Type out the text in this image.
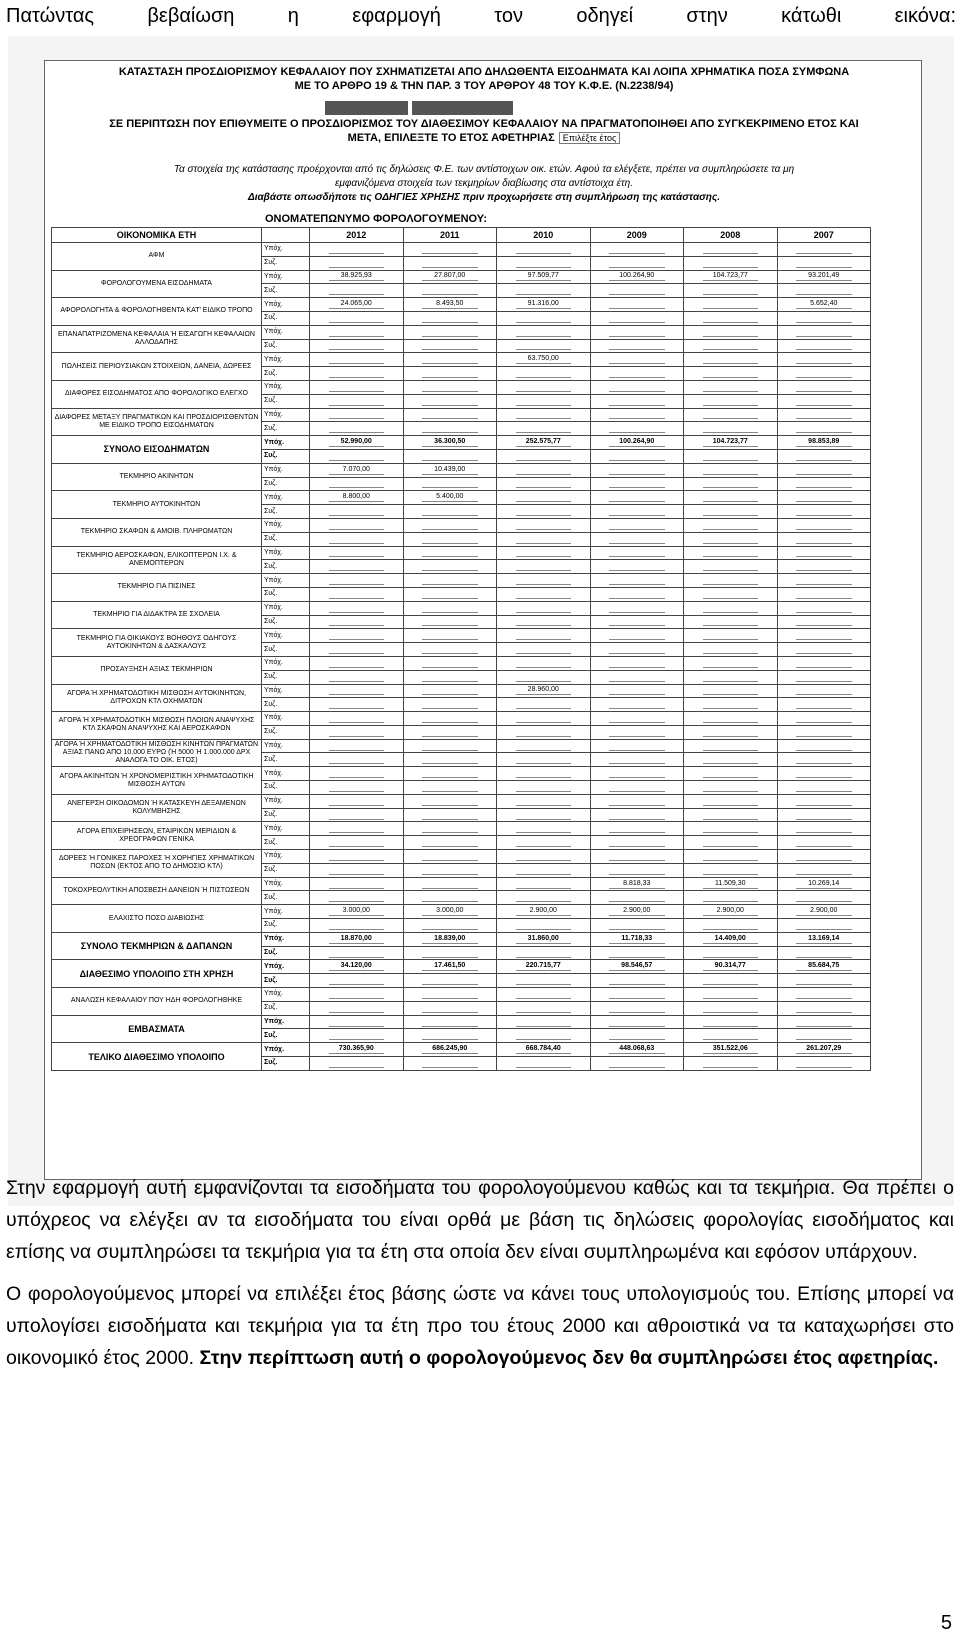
Πατώντας βεβαίωση η εφαρμογή τον οδηγεί στην κάτωθι εικόνα:
ΚΑΤΑΣΤΑΣΗ ΠΡΟΣΔΙΟΡΙΣΜΟΥ ΚΕΦΑΛΑΙΟΥ ΠΟΥ ΣΧΗΜΑΤΙΖΕΤΑΙ ΑΠΟ ΔΗΛΩΘΕΝΤΑ ΕΙΣΟΔΗΜΑΤΑ ΚΑΙ ΛΟΙΠΑ ΧΡΗΜΑΤΙΚΑ ΠΟΣΑ ΣΥΜΦΩΝΑ
ΜΕ ΤΟ ΑΡΘΡΟ 19 & ΤΗΝ ΠΑΡ. 3 ΤΟΥ ΑΡΘΡΟΥ 48 ΤΟΥ Κ.Φ.Ε. (Ν.2238/94)

ΣΕ ΠΕΡΙΠΤΩΣΗ ΠΟΥ ΕΠΙΘΥΜΕΙΤΕ Ο ΠΡΟΣΔΙΟΡΙΣΜΟΣ ΤΟΥ ΔΙΑΘΕΣΙΜΟΥ ΚΕΦΑΛΑΙΟΥ ΝΑ ΠΡΑΓΜΑΤΟΠΟΙΗΘΕΙ ΑΠΟ ΣΥΓΚΕΚΡΙΜΕΝΟ ΕΤΟΣ ΚΑΙ
ΜΕΤΑ, ΕΠΙΛΕΞΤΕ ΤΟ ΕΤΟΣ ΑΦΕΤΗΡΙΑΣ Επιλέξτε έτος
Τα στοιχεία της κατάστασης προέρχονται από τις δηλώσεις Φ.Ε. των αντίστοιχων οικ. ετών. Αφού τα ελέγξετε, πρέπει να συμπληρώσετε τα μη
εμφανιζόμενα στοιχεία των τεκμηρίων διαβίωσης στα αντίστοιχα έτη.
Διαβάστε οπωσδήποτε τις ΟΔΗΓΙΕΣ ΧΡΗΣΗΣ πριν προχωρήσετε στη συμπλήρωση της κατάστασης.
ΟΝΟΜΑΤΕΠΩΝΥΜΟ ΦΟΡΟΛΟΓΟΥΜΕΝΟΥ:
ΟΙΚΟΝΟΜΙΚΑ ΕΤΗ		2012	2011	2010	2009	2008	2007
ΑΦΜ	Υπόχ.						
	Συζ.						
ΦΟΡΟΛΟΓΟΥΜΕΝΑ ΕΙΣΟΔΗΜΑΤΑ	Υπόχ.	38.925,93	27.807,00	97.509,77	100.264,90	104.723,77	93.201,49
	Συζ.						
ΑΦΟΡΟΛΟΓΗΤΑ & ΦΟΡΟΛΟΓΗΘΕΝΤΑ ΚΑΤ' ΕΙΔΙΚΟ ΤΡΟΠΟ	Υπόχ.	24.065,00	8.493,50	91.316,00			5.652,40
	Συζ.						
ΕΠΑΝΑΠΑΤΡΙΖΟΜΕΝΑ ΚΕΦΑΛΑΙΑ Ή ΕΙΣΑΓΩΓΗ ΚΕΦΑΛΑΙΩΝ ΑΛΛΟΔΑΠΗΣ	Υπόχ.						
	Συζ.						
ΠΩΛΗΣΕΙΣ ΠΕΡΙΟΥΣΙΑΚΩΝ ΣΤΟΙΧΕΙΩΝ, ΔΑΝΕΙΑ, ΔΩΡΕΕΣ	Υπόχ.			63.750,00			
	Συζ.						
ΔΙΑΦΟΡΕΣ ΕΙΣΟΔΗΜΑΤΟΣ ΑΠΟ ΦΟΡΟΛΟΓΙΚΟ ΕΛΕΓΧΟ	Υπόχ.						
	Συζ.						
ΔΙΑΦΟΡΕΣ ΜΕΤΑΞΥ ΠΡΑΓΜΑΤΙΚΩΝ ΚΑΙ ΠΡΟΣΔΙΟΡΙΣΘΕΝΤΩΝ ΜΕ ΕΙΔΙΚΟ ΤΡΟΠΟ ΕΙΣΟΔΗΜΑΤΩΝ	Υπόχ.						
	Συζ.						
ΣΥΝΟΛΟ ΕΙΣΟΔΗΜΑΤΩΝ	Υπόχ.	52.990,00	36.300,50	252.575,77	100.264,90	104.723,77	98.853,89
	Συζ.						
ΤΕΚΜΗΡΙΟ ΑΚΙΝΗΤΩΝ	Υπόχ.	7.070,00	10.439,00				
	Συζ.						
ΤΕΚΜΗΡΙΟ ΑΥΤΟΚΙΝΗΤΩΝ	Υπόχ.	8.800,00	5.400,00				
	Συζ.						
ΤΕΚΜΗΡΙΟ ΣΚΑΦΩΝ & ΑΜΟΙΒ. ΠΛΗΡΩΜΑΤΩΝ	Υπόχ.						
	Συζ.						
ΤΕΚΜΗΡΙΟ ΑΕΡΟΣΚΑΦΩΝ, ΕΛΙΚΟΠΤΕΡΩΝ Ι.Χ. & ΑΝΕΜΟΠΤΕΡΩΝ	Υπόχ.						
	Συζ.						
ΤΕΚΜΗΡΙΟ ΓΙΑ ΠΙΣΙΝΕΣ	Υπόχ.						
	Συζ.						
ΤΕΚΜΗΡΙΟ ΓΙΑ ΔΙΔΑΚΤΡΑ ΣΕ ΣΧΟΛΕΙΑ	Υπόχ.						
	Συζ.						
ΤΕΚΜΗΡΙΟ ΓΙΑ ΟΙΚΙΑΚΟΥΣ ΒΟΗΘΟΥΣ ΟΔΗΓΟΥΣ ΑΥΤΟΚΙΝΗΤΩΝ & ΔΑΣΚΑΛΟΥΣ	Υπόχ.						
	Συζ.						
ΠΡΟΣΑΥΞΗΣΗ ΑΞΙΑΣ ΤΕΚΜΗΡΙΩΝ	Υπόχ.						
	Συζ.						
ΑΓΟΡΑ Ή ΧΡΗΜΑΤΟΔΟΤΙΚΗ ΜΙΣΘΩΣΗ ΑΥΤΟΚΙΝΗΤΩΝ, ΔΙΤΡΟΧΩΝ ΚΤΛ ΟΧΗΜΑΤΩΝ	Υπόχ.			28.960,00			
	Συζ.						
ΑΓΟΡΑ Ή ΧΡΗΜΑΤΟΔΟΤΙΚΗ ΜΙΣΘΩΣΗ ΠΛΟΙΩΝ ΑΝΑΨΥΧΗΣ ΚΤΛ ΣΚΑΦΩΝ ΑΝΑΨΥΧΗΣ ΚΑΙ ΑΕΡΟΣΚΑΦΩΝ	Υπόχ.						
	Συζ.						
ΑΓΟΡΑ Ή ΧΡΗΜΑΤΟΔΟΤΙΚΗ ΜΙΣΘΩΣΗ ΚΙΝΗΤΩΝ ΠΡΑΓΜΑΤΩΝ ΑΞΙΑΣ ΠΑΝΩ ΑΠΟ 10.000 ΕΥΡΩ (Ή 5000 Ή 1.000.000 ΔΡΧ ΑΝΑΛΟΓΑ ΤΟ ΟΙΚ. ΕΤΟΣ)	Υπόχ.						
	Συζ.						
ΑΓΟΡΑ ΑΚΙΝΗΤΩΝ Ή ΧΡΟΝΟΜΕΡΙΣΤΙΚΗ ΧΡΗΜΑΤΟΔΟΤΙΚΗ ΜΙΣΘΩΣΗ ΑΥΤΩΝ	Υπόχ.						
	Συζ.						
ΑΝΕΓΕΡΣΗ ΟΙΚΟΔΟΜΩΝ Ή ΚΑΤΑΣΚΕΥΗ ΔΕΞΑΜΕΝΩΝ ΚΟΛΥΜΒΗΣΗΣ	Υπόχ.						
	Συζ.						
ΑΓΟΡΑ ΕΠΙΧΕΙΡΗΣΕΩΝ, ΕΤΑΙΡΙΚΩΝ ΜΕΡΙΔΙΩΝ & ΧΡΕΟΓΡΑΦΩΝ ΓΕΝΙΚΑ	Υπόχ.						
	Συζ.						
ΔΟΡΕΕΣ Ή ΓΟΝΙΚΕΣ ΠΑΡΟΧΕΣ Ή ΧΟΡΗΓΙΕΣ ΧΡΗΜΑΤΙΚΩΝ ΠΟΣΩΝ (ΕΚΤΟΣ ΑΠΟ ΤΟ ΔΗΜΟΣΙΟ ΚΤΛ)	Υπόχ.						
	Συζ.						
ΤΟΚΟΧΡΕΟΛΥΤΙΚΗ ΑΠΟΣΒΕΣΗ ΔΑΝΕΙΩΝ Ή ΠΙΣΤΩΣΕΩΝ	Υπόχ.				8.818,33	11.509,30	10.269,14
	Συζ.						
ΕΛΑΧΙΣΤΟ ΠΟΣΟ ΔΙΑΒΙΩΣΗΣ	Υπόχ.	3.000,00	3.000,00	2.900,00	2.900,00	2.900,00	2.900,00
	Συζ.						
ΣΥΝΟΛΟ ΤΕΚΜΗΡΙΩΝ & ΔΑΠΑΝΩΝ	Υπόχ.	18.870,00	18.839,00	31.860,00	11.718,33	14.409,00	13.169,14
	Συζ.						
ΔΙΑΘΕΣΙΜΟ ΥΠΟΛΟΙΠΟ ΣΤΗ ΧΡΗΣΗ	Υπόχ.	34.120,00	17.461,50	220.715,77	98.546,57	90.314,77	85.684,75
	Συζ.						
ΑΝΑΛΩΣΗ ΚΕΦΑΛΑΙΟΥ ΠΟΥ ΗΔΗ ΦΟΡΟΛΟΓΗΘΗΚΕ	Υπόχ.						
	Συζ.						
ΕΜΒΑΣΜΑΤΑ	Υπόχ.						
	Συζ.						
ΤΕΛΙΚΟ ΔΙΑΘΕΣΙΜΟ ΥΠΟΛΟΙΠΟ	Υπόχ.	730.365,90	686.245,90	668.784,40	448.068,63	351.522,06	261.207,29
	Συζ.						
Στην εφαρμογή αυτή εμφανίζονται τα εισοδήματα του φορολογούμενου καθώς και τα τεκμήρια. Θα πρέπει ο υπόχρεος να ελέγξει αν τα εισοδήματα του είναι ορθά με βάση τις δηλώσεις φορολογίας εισοδήματος και επίσης να συμπληρώσει τα τεκμήρια για τα έτη στα οποία δεν είναι συμπληρωμένα και εφόσον υπάρχουν.
Ο φορολογούμενος μπορεί να επιλέξει έτος βάσης ώστε να κάνει τους υπολογισμούς του. Επίσης μπορεί να υπολογίσει εισοδήματα και τεκμήρια για τα έτη προ του έτους 2000 και αθροιστικά να τα καταχωρήσει στο οικονομικό έτος 2000. Στην περίπτωση αυτή ο φορολογούμενος δεν θα συμπληρώσει έτος αφετηρίας.
5
